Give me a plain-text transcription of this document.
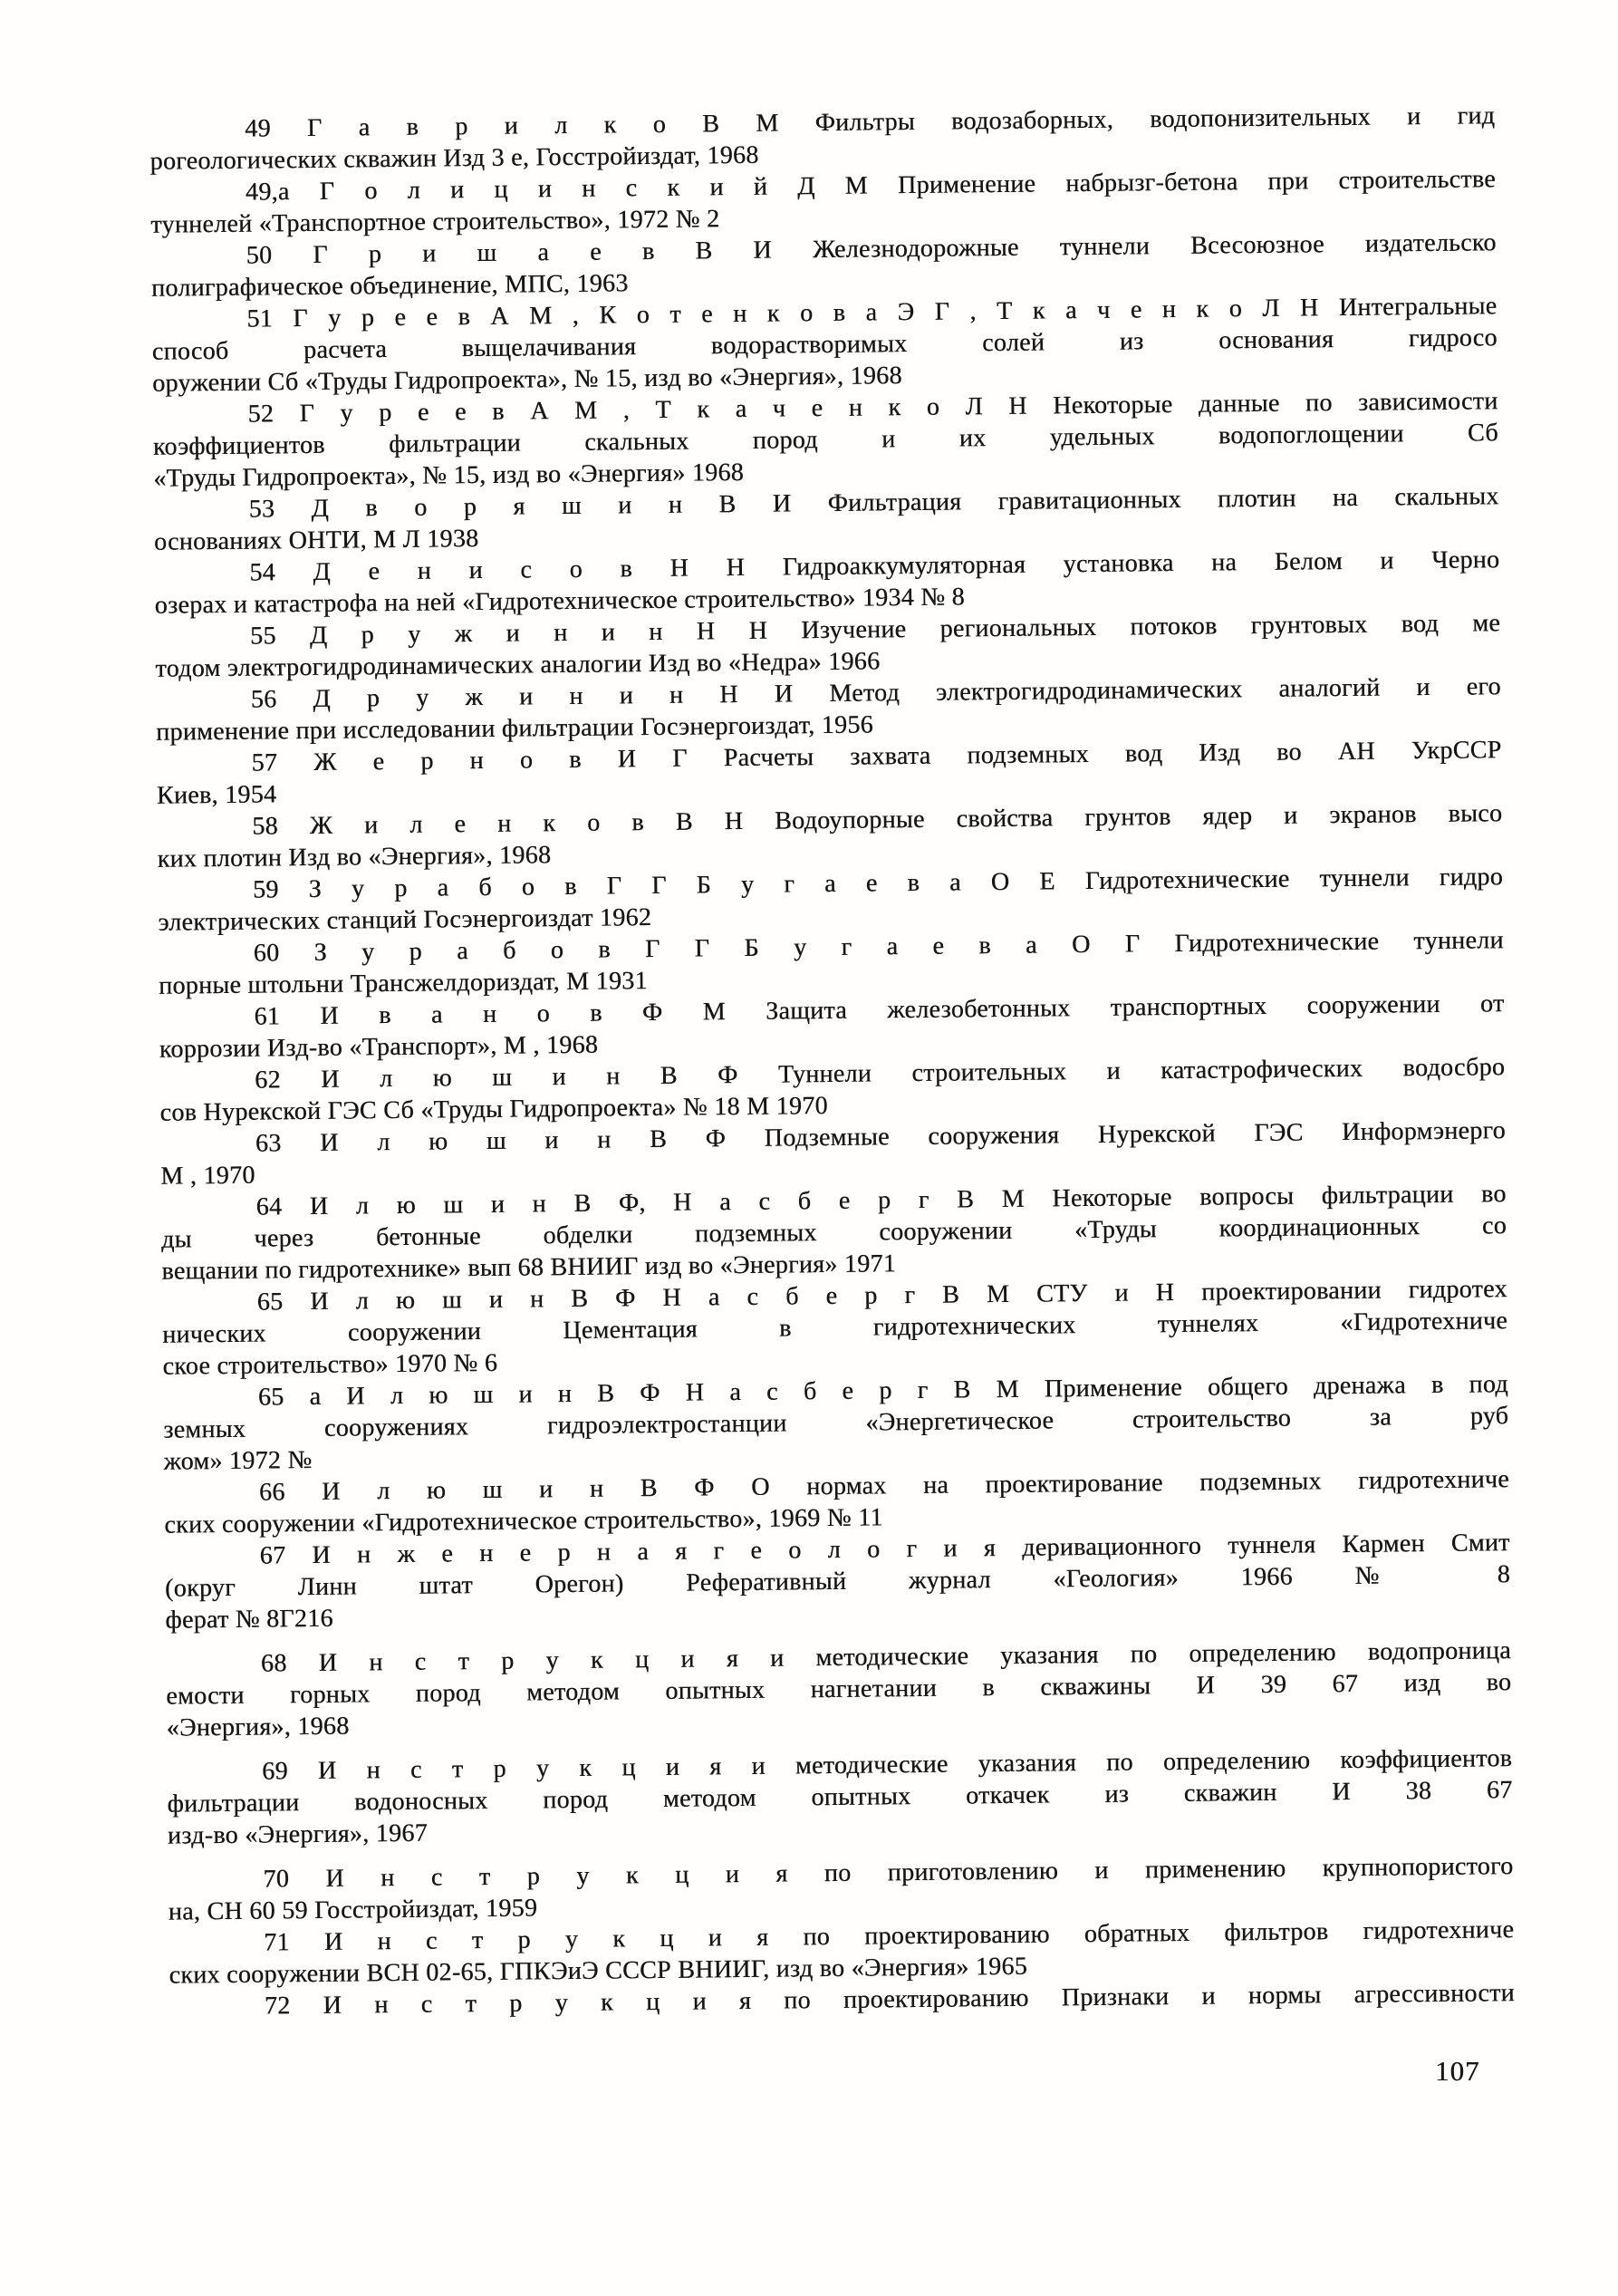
49 Г а в р и л к о В М Фильтры водозаборных, водопонизительных и гид
рогеологических скважин Изд 3 е, Госстройиздат, 1968
49,а Г о л и ц и н с к и й Д М Применение набрызг-бетона при строительстве
туннелей «Транспортное строительство», 1972 № 2
50 Г р и ш а е в В И Железнодорожные туннели Всесоюзное издательско
полиграфическое объединение, МПС, 1963
51 Г у р е е в А М , К о т е н к о в а Э Г , Т к а ч е н к о Л Н Интегральные
способ расчета выщелачивания водорастворимых солей из основания гидросо
оружении Сб «Труды Гидропроекта», № 15, изд во «Энергия», 1968
52 Г у р е е в А М , Т к а ч е н к о Л Н Некоторые данные по зависимости
коэффициентов фильтрации скальных пород и их удельных водопоглощении Сб
«Труды Гидропроекта», № 15, изд во «Энергия» 1968
53 Д в о р я ш и н В И Фильтрация гравитационных плотин на скальных
основаниях ОНТИ, М Л 1938
54 Д е н и с о в Н Н Гидроаккумуляторная установка на Белом и Черно
озерах и катастрофа на ней «Гидротехническое строительство» 1934 № 8
55 Д р у ж и н и н Н Н Изучение региональных потоков грунтовых вод ме
тодом электрогидродинамических аналогии Изд во «Недра» 1966
56 Д р у ж и н и н Н И Метод электрогидродинамических аналогий и его
применение при исследовании фильтрации Госэнергоиздат, 1956
57 Ж е р н о в И Г Расчеты захвата подземных вод Изд во АН УкрССР
Киев, 1954
58 Ж и л е н к о в В Н Водоупорные свойства грунтов ядер и экранов высо
ких плотин Изд во «Энергия», 1968
59 З у р а б о в Г Г Б у г а е в а О Е Гидротехнические туннели гидро
электрических станций Госэнергоиздат 1962
60 З у р а б о в Г Г Б у г а е в а О Г Гидротехнические туннели
порные штольни Трансжелдориздат, М 1931
61 И в а н о в Ф М Защита железобетонных транспортных сооружении от
коррозии Изд-во «Транспорт», М , 1968
62 И л ю ш и н В Ф Туннели строительных и катастрофических водосбро
сов Нурекской ГЭС Сб «Труды Гидропроекта» № 18 М 1970
63 И л ю ш и н В Ф Подземные сооружения Нурекской ГЭС Информэнерго
М , 1970
64 И л ю ш и н В Ф, Н а с б е р г В М Некоторые вопросы фильтрации во
ды через бетонные обделки подземных сооружении «Труды координационных со
вещании по гидротехнике» вып 68 ВНИИГ изд во «Энергия» 1971
65 И л ю ш и н В Ф Н а с б е р г В М СТУ и Н проектировании гидротех
нических сооружении Цементация в гидротехнических туннелях «Гидротехниче
ское строительство» 1970 № 6
65 а И л ю ш и н В Ф Н а с б е р г В М Применение общего дренажа в под
земных сооружениях гидроэлектростанции «Энергетическое строительство за руб
жом» 1972 №
66 И л ю ш и н В Ф О нормах на проектирование подземных гидротехниче
ских сооружении «Гидротехническое строительство», 1969 № 11
67 И н ж е н е р н а я г е о л о г и я деривационного туннеля Кармен Смит
(округ Линн штат Орегон) Реферативный журнал «Геология» 1966 № 8
ферат № 8Г216
68 И н с т р у к ц и я и методические указания по определению водопроница
емости горных пород методом опытных нагнетании в скважины И 39 67 изд во
«Энергия», 1968
69 И н с т р у к ц и я и методические указания по определению коэффициентов
фильтрации водоносных пород методом опытных откачек из скважин И 38 67
изд-во «Энергия», 1967
70 И н с т р у к ц и я по приготовлению и применению крупнопористого
на, СН 60 59 Госстройиздат, 1959
71 И н с т р у к ц и я по проектированию обратных фильтров гидротехниче
ских сооружении ВСН 02-65, ГПКЭиЭ СССР ВНИИГ, изд во «Энергия» 1965
72 И н с т р у к ц и я по проектированию Признаки и нормы агрессивности
107
